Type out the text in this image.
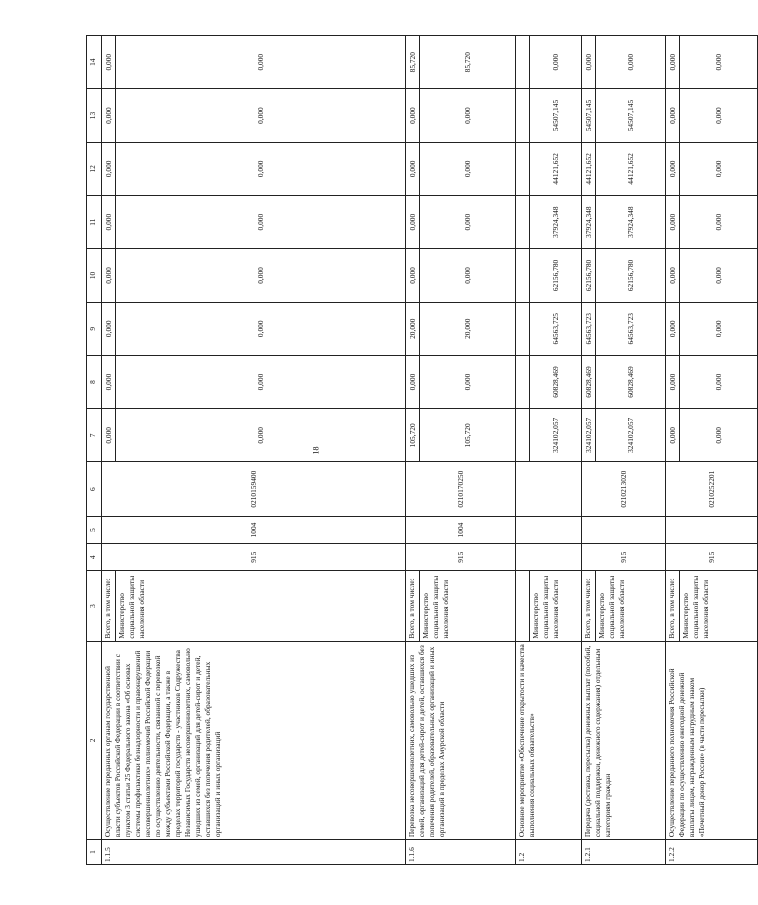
18
1	2	3	4	5	6	7	8	9	10	11	12	13	14
1.1.5	Осуществление переданных органам государственной власти субъектов Российской Федерации в соответствии с пунктом 3 статьи 25 Федерального закона «Об основах системы профилактики безнадзорности и правонарушений несовершеннолетних» полномочий Российской Федерации по осуществлению деятельности, связанной с перевозкой между субъектами Российской Федерации, а также в пределах территорий государств - участников Содружества Независимых Государств несовершеннолетних, самовольно ушедших из семей, организаций для детей-сирот и детей, оставшихся без попечения родителей, образовательных организаций и иных организаций	Всего, в том числе:	915	1004	0210159400	0,000	0,000	0,000	0,000	0,000	0,000	0,000	0,000
		Министерство социальной защиты населения области				0,000	0,000	0,000	0,000	0,000	0,000	0,000	0,000
1.1.6	Перевозка несовершеннолетних, самовольно ушедших из семей, организаций для детей-сирот и детей, оставшихся без попечения родителей, образовательных организаций и иных организаций в пределах Амурской области	Всего, в том числе:	915	1004	0210170250	105,720	0,000	20,000	0,000	0,000	0,000	0,000	85,720
		Министерство социальной защиты населения области				105,720	0,000	20,000	0,000	0,000	0,000	0,000	85,720
1.2	Основное мероприятие «Обеспечение открытости и качества выполнения социальных обязательств»												
		Министерство социальной защиты населения области				324102,057	60828,469	64563,725	62156,780	37924,348	44121,652	54507,145	0,000
1.2.1	Передача (доставка, пересылка) денежных выплат (пособий, социальной поддержки, денежного содержания) отдельным категориям граждан	Всего, в том числе:	915		0210213020	324102,057	60828,469	64563,723	62156,780	37924,348	44121,652	54507,145	0,000
		Министерство социальной защиты населения области				324102,057	60828,469	64563,723	62156,780	37924,348	44121,652	54507,145	0,000
1.2.2	Осуществление переданного полномочия Российской Федерации по осуществлению ежегодной денежной выплаты лицам, награжденным нагрудным знаком «Почетный донор России» (в части пересылки)	Всего, в том числе:	915		0210252201	0,000	0,000	0,000	0,000	0,000	0,000	0,000	0,000
		Министерство социальной защиты населения области				0,000	0,000	0,000	0,000	0,000	0,000	0,000	0,000
